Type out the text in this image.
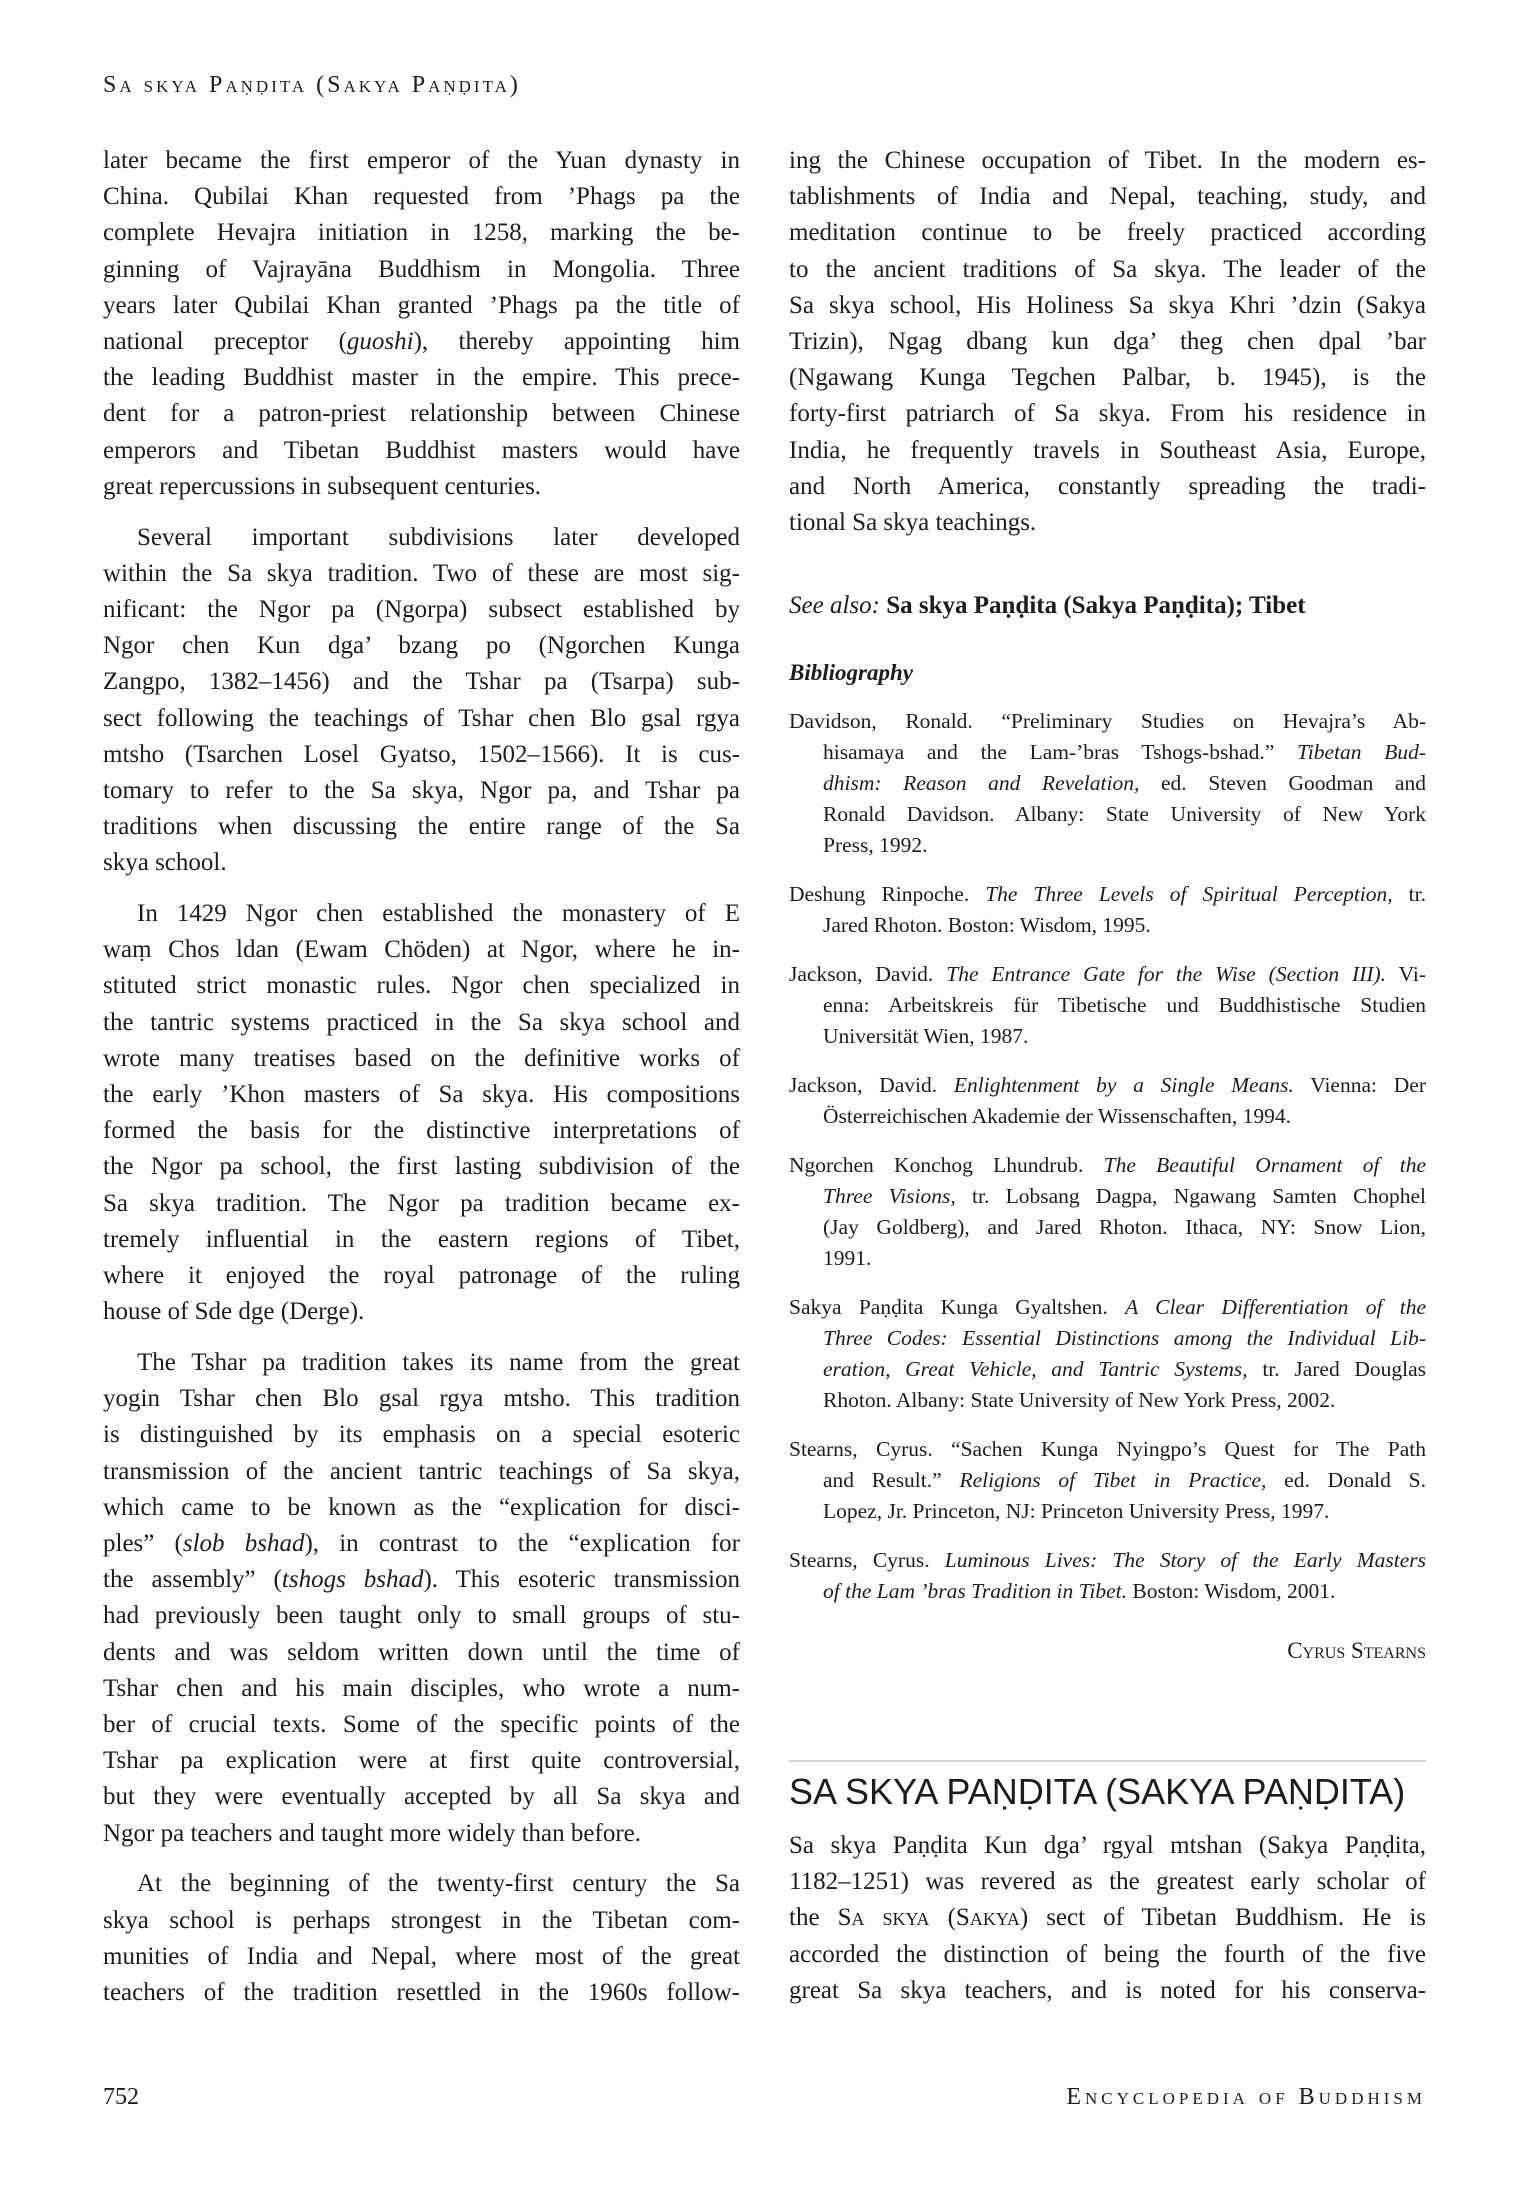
Sa skya Paṇḍita (Sakya Paṇḍita)
later became the first emperor of the Yuan dynasty in
China. Qubilai Khan requested from ’Phags pa the
complete Hevajra initiation in 1258, marking the be-
ginning of Vajrayāna Buddhism in Mongolia. Three
years later Qubilai Khan granted ’Phags pa the title of
national preceptor (guoshi), thereby appointing him
the leading Buddhist master in the empire. This prece-
dent for a patron-priest relationship between Chinese
emperors and Tibetan Buddhist masters would have
great repercussions in subsequent centuries.
Several important subdivisions later developed
within the Sa skya tradition. Two of these are most sig-
nificant: the Ngor pa (Ngorpa) subsect established by
Ngor chen Kun dga’ bzang po (Ngorchen Kunga
Zangpo, 1382–1456) and the Tshar pa (Tsarpa) sub-
sect following the teachings of Tshar chen Blo gsal rgya
mtsho (Tsarchen Losel Gyatso, 1502–1566). It is cus-
tomary to refer to the Sa skya, Ngor pa, and Tshar pa
traditions when discussing the entire range of the Sa
skya school.
In 1429 Ngor chen established the monastery of E
waṃ Chos ldan (Ewam Chöden) at Ngor, where he in-
stituted strict monastic rules. Ngor chen specialized in
the tantric systems practiced in the Sa skya school and
wrote many treatises based on the definitive works of
the early ’Khon masters of Sa skya. His compositions
formed the basis for the distinctive interpretations of
the Ngor pa school, the first lasting subdivision of the
Sa skya tradition. The Ngor pa tradition became ex-
tremely influential in the eastern regions of Tibet,
where it enjoyed the royal patronage of the ruling
house of Sde dge (Derge).
The Tshar pa tradition takes its name from the great
yogin Tshar chen Blo gsal rgya mtsho. This tradition
is distinguished by its emphasis on a special esoteric
transmission of the ancient tantric teachings of Sa skya,
which came to be known as the “explication for disci-
ples” (slob bshad), in contrast to the “explication for
the assembly” (tshogs bshad). This esoteric transmission
had previously been taught only to small groups of stu-
dents and was seldom written down until the time of
Tshar chen and his main disciples, who wrote a num-
ber of crucial texts. Some of the specific points of the
Tshar pa explication were at first quite controversial,
but they were eventually accepted by all Sa skya and
Ngor pa teachers and taught more widely than before.
At the beginning of the twenty-first century the Sa
skya school is perhaps strongest in the Tibetan com-
munities of India and Nepal, where most of the great
teachers of the tradition resettled in the 1960s follow-
ing the Chinese occupation of Tibet. In the modern es-
tablishments of India and Nepal, teaching, study, and
meditation continue to be freely practiced according
to the ancient traditions of Sa skya. The leader of the
Sa skya school, His Holiness Sa skya Khri ’dzin (Sakya
Trizin), Ngag dbang kun dga’ theg chen dpal ’bar
(Ngawang Kunga Tegchen Palbar, b. 1945), is the
forty-first patriarch of Sa skya. From his residence in
India, he frequently travels in Southeast Asia, Europe,
and North America, constantly spreading the tradi-
tional Sa skya teachings.
See also: Sa skya Paṇḍita (Sakya Paṇḍita); Tibet
Bibliography
Davidson, Ronald. “Preliminary Studies on Hevajra’s Ab-
hisamaya and the Lam-’bras Tshogs-bshad.” Tibetan Bud-
dhism: Reason and Revelation, ed. Steven Goodman and
Ronald Davidson. Albany: State University of New York
Press, 1992.
Deshung Rinpoche. The Three Levels of Spiritual Perception, tr.
Jared Rhoton. Boston: Wisdom, 1995.
Jackson, David. The Entrance Gate for the Wise (Section III). Vi-
enna: Arbeitskreis für Tibetische und Buddhistische Studien
Universität Wien, 1987.
Jackson, David. Enlightenment by a Single Means. Vienna: Der
Österreichischen Akademie der Wissenschaften, 1994.
Ngorchen Konchog Lhundrub. The Beautiful Ornament of the
Three Visions, tr. Lobsang Dagpa, Ngawang Samten Chophel
(Jay Goldberg), and Jared Rhoton. Ithaca, NY: Snow Lion,
1991.
Sakya Paṇḍita Kunga Gyaltshen. A Clear Differentiation of the
Three Codes: Essential Distinctions among the Individual Lib-
eration, Great Vehicle, and Tantric Systems, tr. Jared Douglas
Rhoton. Albany: State University of New York Press, 2002.
Stearns, Cyrus. “Sachen Kunga Nyingpo’s Quest for The Path
and Result.” Religions of Tibet in Practice, ed. Donald S.
Lopez, Jr. Princeton, NJ: Princeton University Press, 1997.
Stearns, Cyrus. Luminous Lives: The Story of the Early Masters
of the Lam ’bras Tradition in Tibet. Boston: Wisdom, 2001.
Cyrus Stearns
SA SKYA PAṆḌITA (SAKYA PAṆḌITA)
Sa skya Paṇḍita Kun dga’ rgyal mtshan (Sakya Paṇḍita,
1182–1251) was revered as the greatest early scholar of
the Sa skya (Sakya) sect of Tibetan Buddhism. He is
accorded the distinction of being the fourth of the five
great Sa skya teachers, and is noted for his conserva-
752	Encyclopedia of Buddhism
